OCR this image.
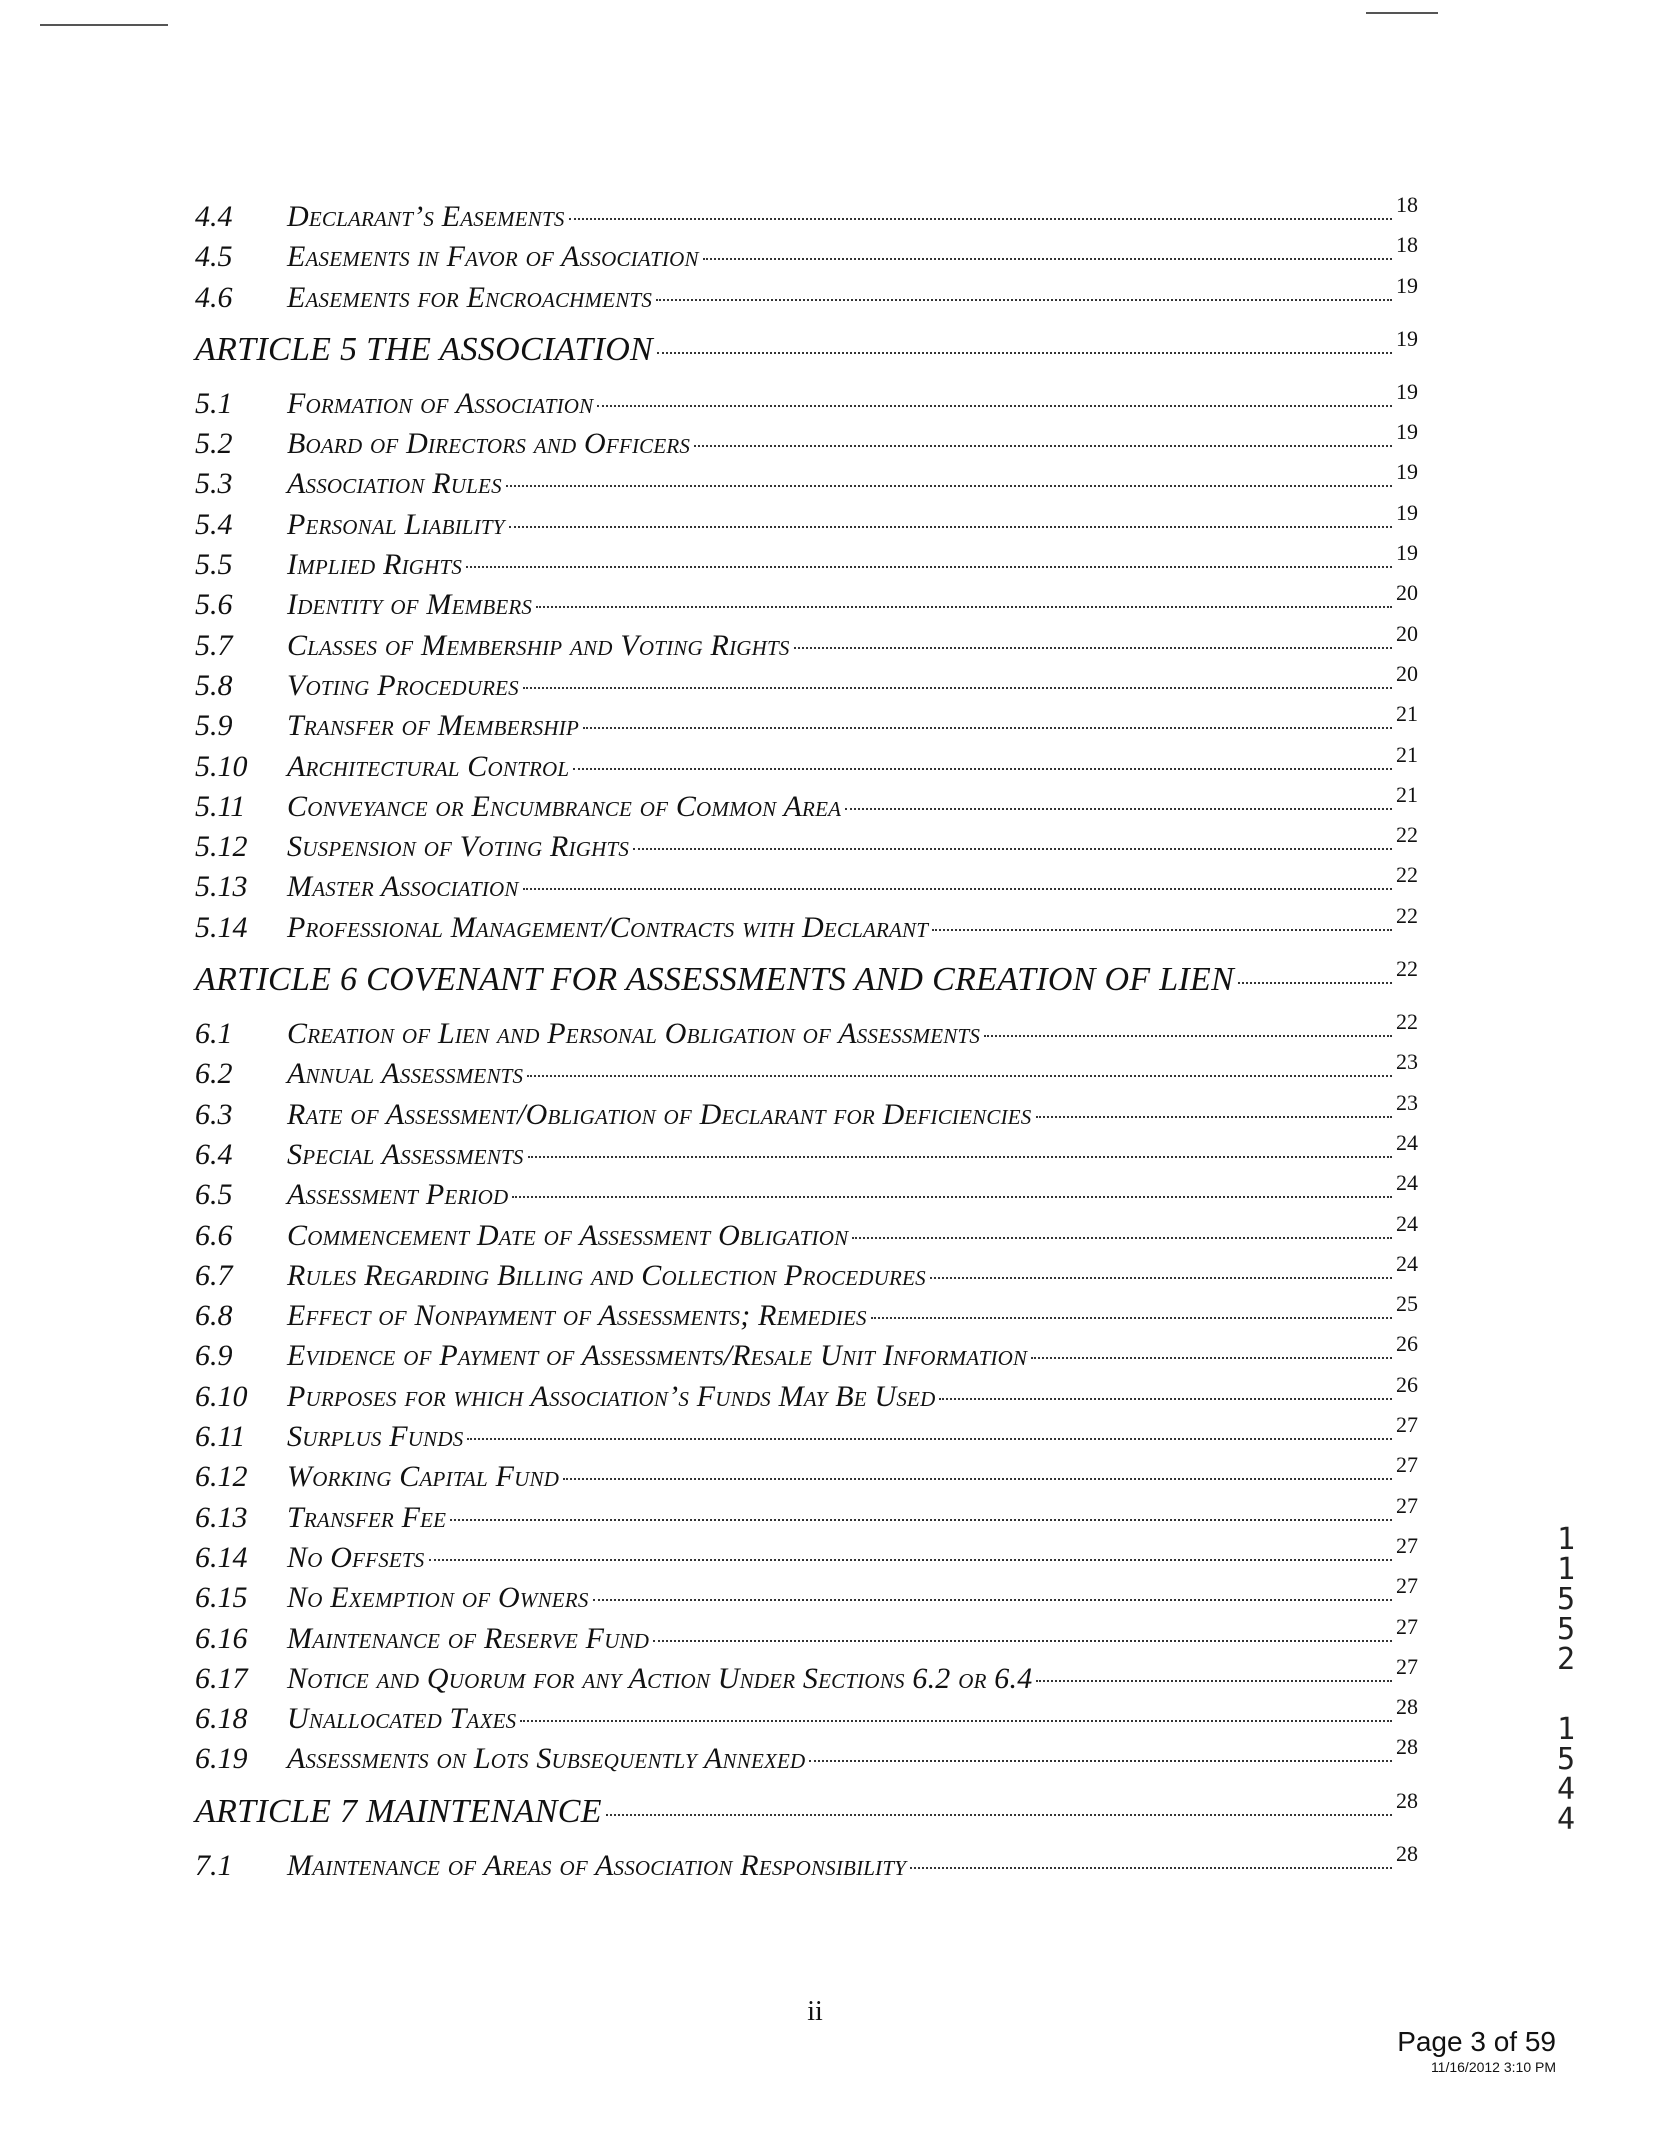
4.4	Declarant’s Easements	18
4.5	Easements in Favor of Association	18
4.6	Easements for Encroachments	19
ARTICLE 5 THE ASSOCIATION	19
5.1	Formation of Association	19
5.2	Board of Directors and Officers	19
5.3	Association Rules	19
5.4	Personal Liability	19
5.5	Implied Rights	19
5.6	Identity of Members	20
5.7	Classes of Membership and Voting Rights	20
5.8	Voting Procedures	20
5.9	Transfer of Membership	21
5.10	Architectural Control	21
5.11	Conveyance or Encumbrance of Common Area	21
5.12	Suspension of Voting Rights	22
5.13	Master Association	22
5.14	Professional Management/Contracts with Declarant	22
ARTICLE 6 COVENANT FOR ASSESSMENTS AND CREATION OF LIEN	22
6.1	Creation of Lien and Personal Obligation of Assessments	22
6.2	Annual Assessments	23
6.3	Rate of Assessment/Obligation of Declarant for Deficiencies	23
6.4	Special Assessments	24
6.5	Assessment Period	24
6.6	Commencement Date of Assessment Obligation	24
6.7	Rules Regarding Billing and Collection Procedures	24
6.8	Effect of Nonpayment of Assessments; Remedies	25
6.9	Evidence of Payment of Assessments/Resale Unit Information	26
6.10	Purposes for which Association’s Funds May Be Used	26
6.11	Surplus Funds	27
6.12	Working Capital Fund	27
6.13	Transfer Fee	27
6.14	No Offsets	27
6.15	No Exemption of Owners	27
6.16	Maintenance of Reserve Fund	27
6.17	Notice and Quorum for any Action Under Sections 6.2 or 6.4	27
6.18	Unallocated Taxes	28
6.19	Assessments on Lots Subsequently Annexed	28
ARTICLE 7 MAINTENANCE	28
7.1	Maintenance of Areas of Association Responsibility	28
ii
Page 3 of 59
11/16/2012 3:10 PM
1
1
5
5
2
1
5
4
4
